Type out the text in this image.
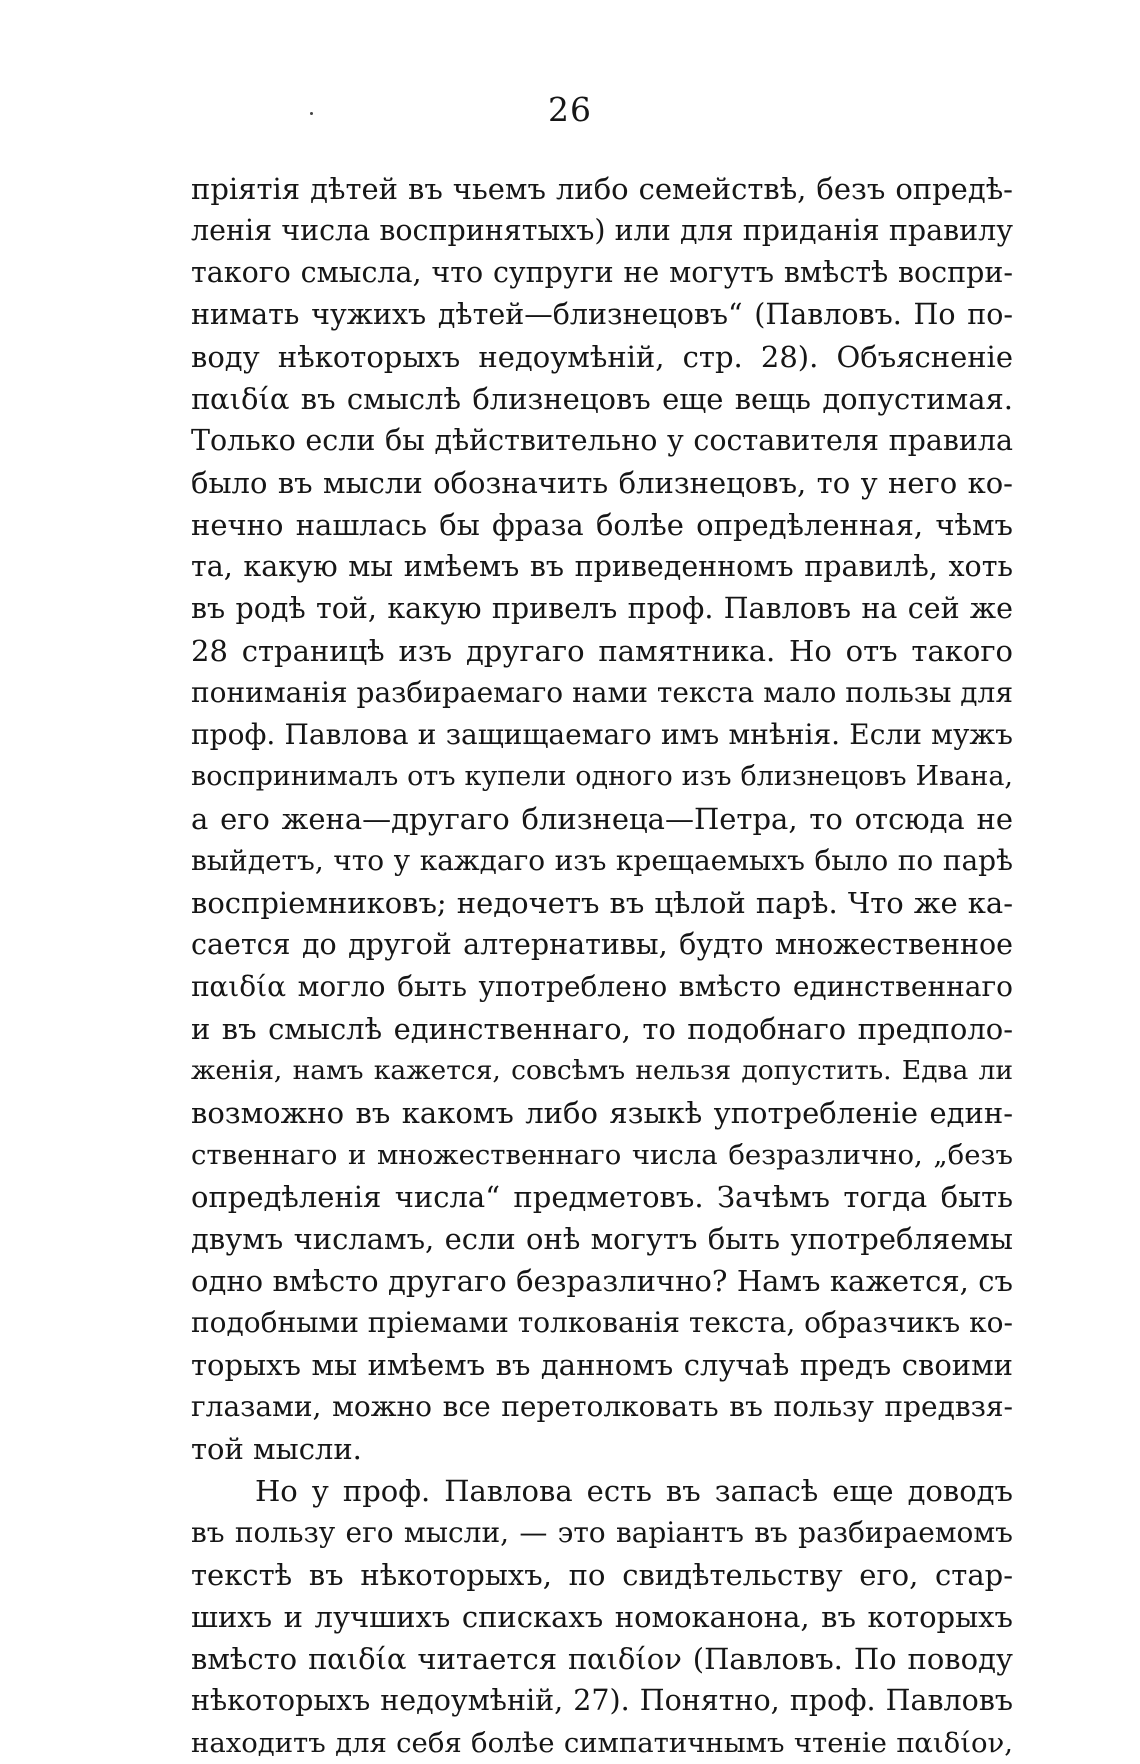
26
пріятія дѣтей въ чьемъ либо семействѣ, безъ опредѣ-
ленія числа воспринятыхъ) или для приданія правилу
такого смысла, что супруги не могутъ вмѣстѣ воспри-
нимать чужихъ дѣтей—близнецовъ“ (Павловъ. По по-
воду нѣкоторыхъ недоумѣній, стр. 28). Объясненіе
παιδία въ смыслѣ близнецовъ еще вещь допустимая.
Только если бы дѣйствительно у составителя правила
было въ мысли обозначить близнецовъ, то у него ко-
нечно нашлась бы фраза болѣе опредѣленная, чѣмъ
та, какую мы имѣемъ въ приведенномъ правилѣ, хоть
въ родѣ той, какую привелъ проф. Павловъ на сей же
28 страницѣ изъ другаго памятника. Но отъ такого
пониманія разбираемаго нами текста мало пользы для
проф. Павлова и защищаемаго имъ мнѣнія. Если мужъ
воспринималъ отъ купели одного изъ близнецовъ Ивана,
а его жена—другаго близнеца—Петра, то отсюда не
выйдетъ, что у каждаго изъ крещаемыхъ было по парѣ
воспріемниковъ; недочетъ въ цѣлой парѣ. Что же ка-
сается до другой алтернативы, будто множественное
παιδία могло быть употреблено вмѣсто единственнаго
и въ смыслѣ единственнаго, то подобнаго предполо-
женія, намъ кажется, совсѣмъ нельзя допустить. Едва ли
возможно въ какомъ либо языкѣ употребленіе един-
ственнаго и множественнаго числа безразлично, „безъ
опредѣленія числа“ предметовъ. Зачѣмъ тогда быть
двумъ числамъ, если онѣ могутъ быть употребляемы
одно вмѣсто другаго безразлично? Намъ кажется, съ
подобными пріемами толкованія текста, образчикъ ко-
торыхъ мы имѣемъ въ данномъ случаѣ предъ своими
глазами, можно все перетолковать въ пользу предвзя-
той мысли.
Но у проф. Павлова есть въ запасѣ еще доводъ
въ пользу его мысли, — это варіантъ въ разбираемомъ
текстѣ въ нѣкоторыхъ, по свидѣтельству его, стар-
шихъ и лучшихъ спискахъ номоканона, въ которыхъ
вмѣсто παιδία читается παιδίον (Павловъ. По поводу
нѣкоторыхъ недоумѣній, 27). Понятно, проф. Павловъ
находитъ для себя болѣе симпатичнымъ чтеніе παιδίον,
